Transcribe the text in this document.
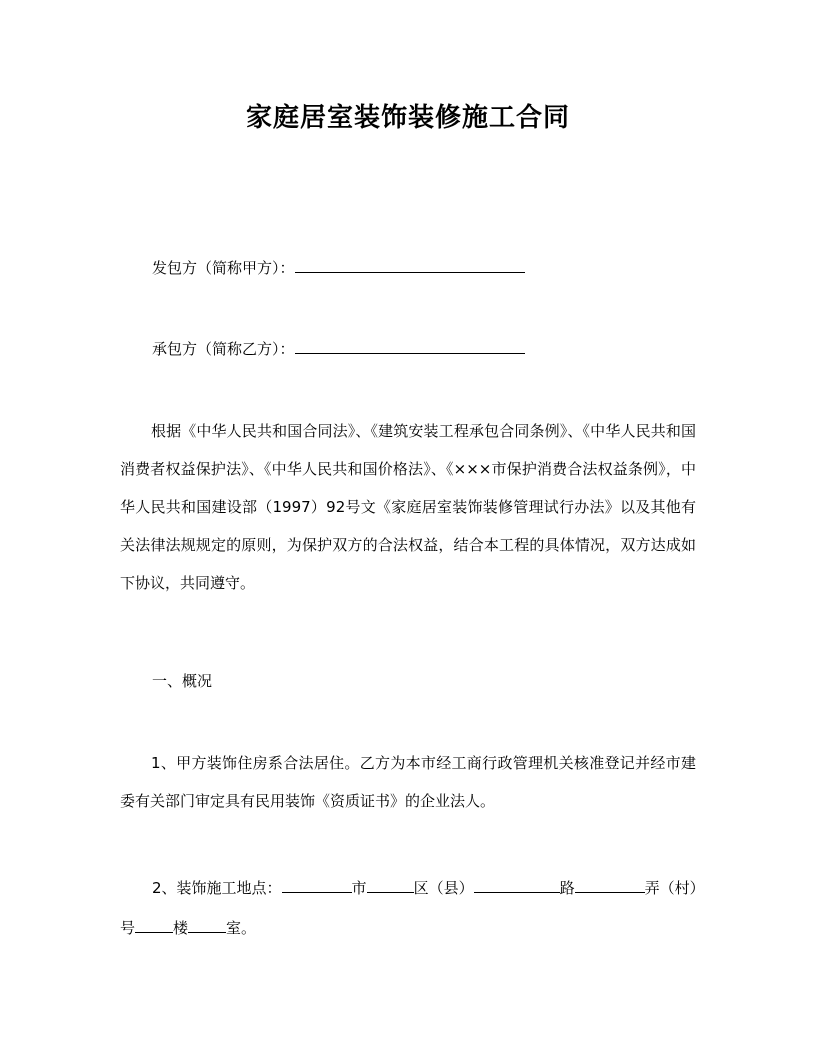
家庭居室装饰装修施工合同
发包方（简称甲方）：
承包方（简称乙方）：
根据《中华人民共和国合同法》、《建筑安装工程承包合同条例》、《中华人民共和国消费者权益保护法》、《中华人民共和国价格法》、《×××市保护消费合法权益条例》，中华人民共和国建设部（1997）92号文《家庭居室装饰装修管理试行办法》以及其他有关法律法规规定的原则，为保护双方的合法权益，结合本工程的具体情况，双方达成如下协议，共同遵守。
一、概况
1、甲方装饰住房系合法居住。乙方为本市经工商行政管理机关核准登记并经市建委有关部门审定具有民用装饰《资质证书》的企业法人。
2、装饰施工地点：	市	区（县）	路	弄（村）
号	楼	室。
